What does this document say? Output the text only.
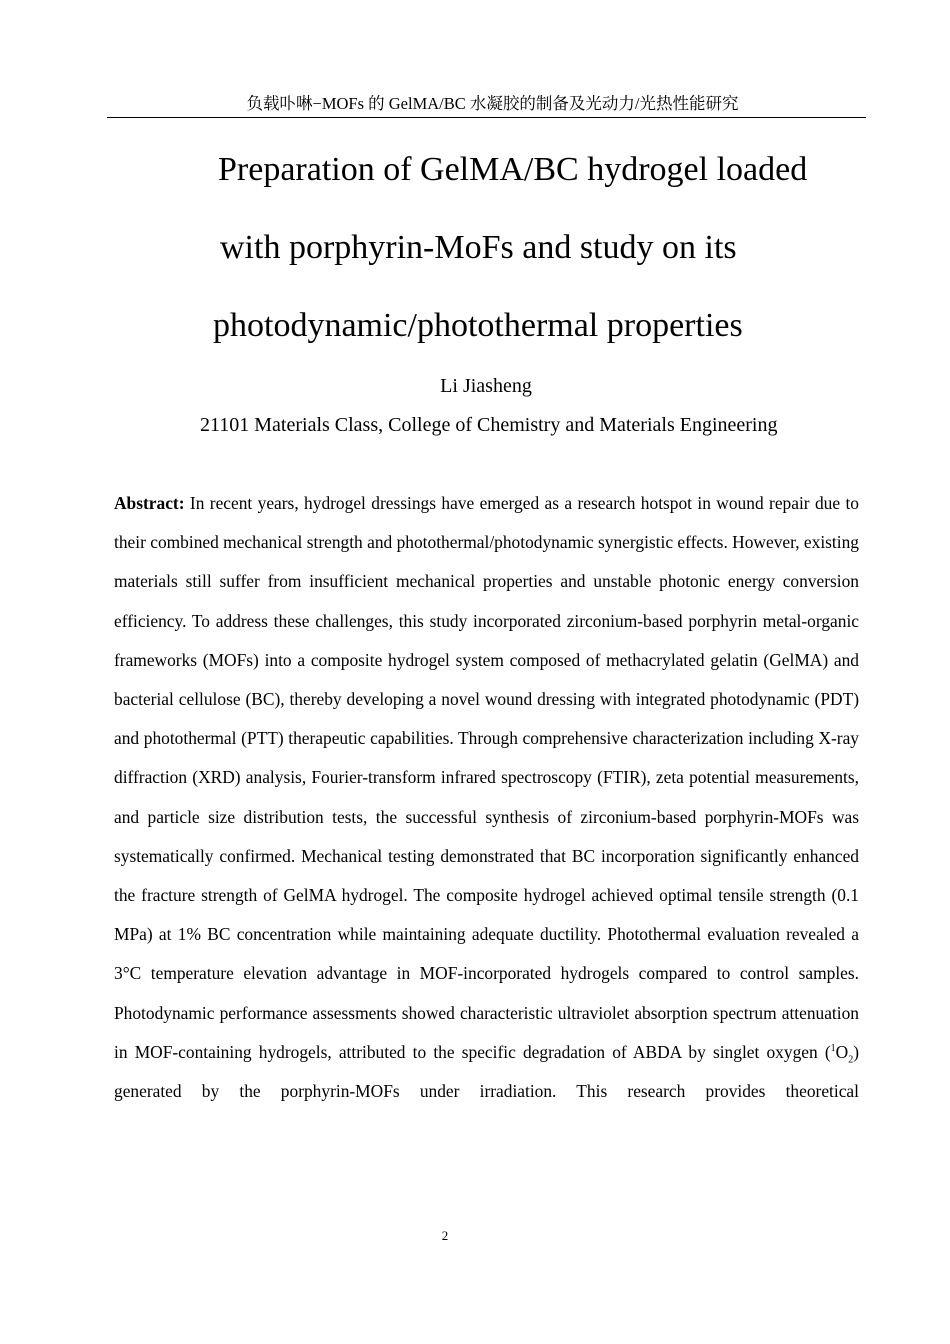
负载卟啉−MOFs 的 GelMA/BC 水凝胶的制备及光动力/光热性能研究
Preparation of GelMA/BC hydrogel loaded
with porphyrin-MoFs and study on its
photodynamic/photothermal properties
Li Jiasheng
21101 Materials Class, College of Chemistry and Materials Engineering

Abstract: In recent years, hydrogel dressings have emerged as a research hotspot in wound repair due to their combined mechanical strength and photothermal/photodynamic synergistic effects. However, existing materials still suffer from insufficient mechanical properties and unstable photonic energy conversion efficiency. To address these challenges, this study incorporated zirconium-based porphyrin metal-organic frameworks (MOFs) into a composite hydrogel system composed of methacrylated gelatin (GelMA) and bacterial cellulose (BC), thereby developing a novel wound dressing with integrated photodynamic (PDT) and photothermal (PTT) therapeutic capabilities. Through comprehensive characterization including X-ray diffraction (XRD) analysis, Fourier-transform infrared spectroscopy (FTIR), zeta potential measurements, and particle size distribution tests, the successful synthesis of zirconium-based porphyrin-MOFs was systematically confirmed. Mechanical testing demonstrated that BC incorporation significantly enhanced the fracture strength of GelMA hydrogel. The composite hydrogel achieved optimal tensile strength (0.1 MPa) at 1% BC concentration while maintaining adequate ductility. Photothermal evaluation revealed a 3°C temperature elevation advantage in MOF-incorporated hydrogels compared to control samples. Photodynamic performance assessments showed characteristic ultraviolet absorption spectrum attenuation in MOF-containing hydrogels, attributed to the specific degradation of ABDA by singlet oxygen $(^1O_2)$ generated by the porphyrin-MOFs under irradiation. This research provides theoretical

2
